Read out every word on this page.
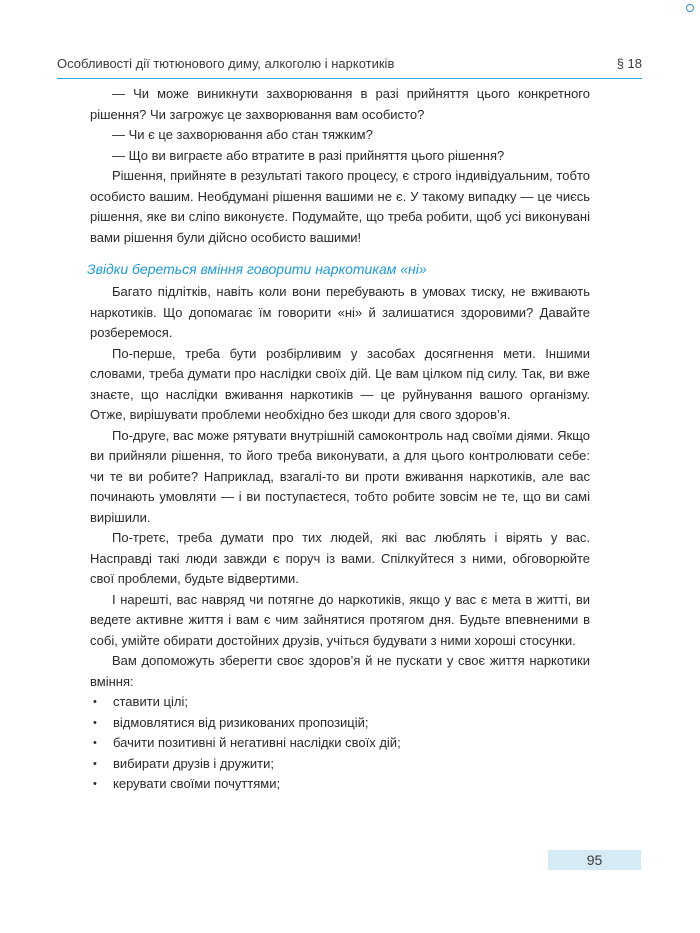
Особливості дії тютюнового диму, алкоголю і наркотиків	§ 18

— Чи може виникнути захворювання в разі прийняття цього конкретного рішення? Чи загрожує це захворювання вам особисто?

— Чи є це захворювання або стан тяжким?

— Що ви виграєте або втратите в разі прийняття цього рішення?

Рішення, прийняте в результаті такого процесу, є строго індивідуальним, тобто особисто вашим. Необдумані рішення вашими не є. У такому випадку — це чиєсь рішення, яке ви сліпо виконуєте. Подумайте, що треба робити, щоб усі виконувані вами рішення були дійсно особисто вашими!

Звідки береться вміння говорити наркотикам «ні»

Багато підлітків, навіть коли вони перебувають в умовах тиску, не вживають наркотиків. Що допомагає їм говорити «ні» й залишатися здоровими? Давайте розберемося.

По-перше, треба бути розбірливим у засобах досягнення мети. Іншими словами, треба думати про наслідки своїх дій. Це вам цілком під силу. Так, ви вже знаєте, що наслідки вживання наркотиків — це руйнування вашого організму. Отже, вирішувати проблеми необхідно без шкоди для свого здоров’я.

По-друге, вас може рятувати внутрішній самоконтроль над своїми діями. Якщо ви прийняли рішення, то його треба виконувати, а для цього контролювати себе: чи те ви робите? Наприклад, взагалі-то ви проти вживання наркотиків, але вас починають умовляти — і ви поступаєтеся, тобто робите зовсім не те, що ви самі вирішили.

По-третє, треба думати про тих людей, які вас люблять і вірять у вас. Насправді такі люди завжди є поруч із вами. Спілкуйтеся з ними, обговорюйте свої проблеми, будьте відвертими.

І нарешті, вас навряд чи потягне до наркотиків, якщо у вас є мета в житті, ви ведете активне життя і вам є чим зайнятися протягом дня. Будьте впевненими в собі, умійте обирати достойних друзів, учіться будувати з ними хороші стосунки.

Вам допоможуть зберегти своє здоров’я й не пускати у своє життя наркотики вміння:

• ставити цілі;
• відмовлятися від ризикованих пропозицій;
• бачити позитивні й негативні наслідки своїх дій;
• вибирати друзів і дружити;
• керувати своїми почуттями;
95
